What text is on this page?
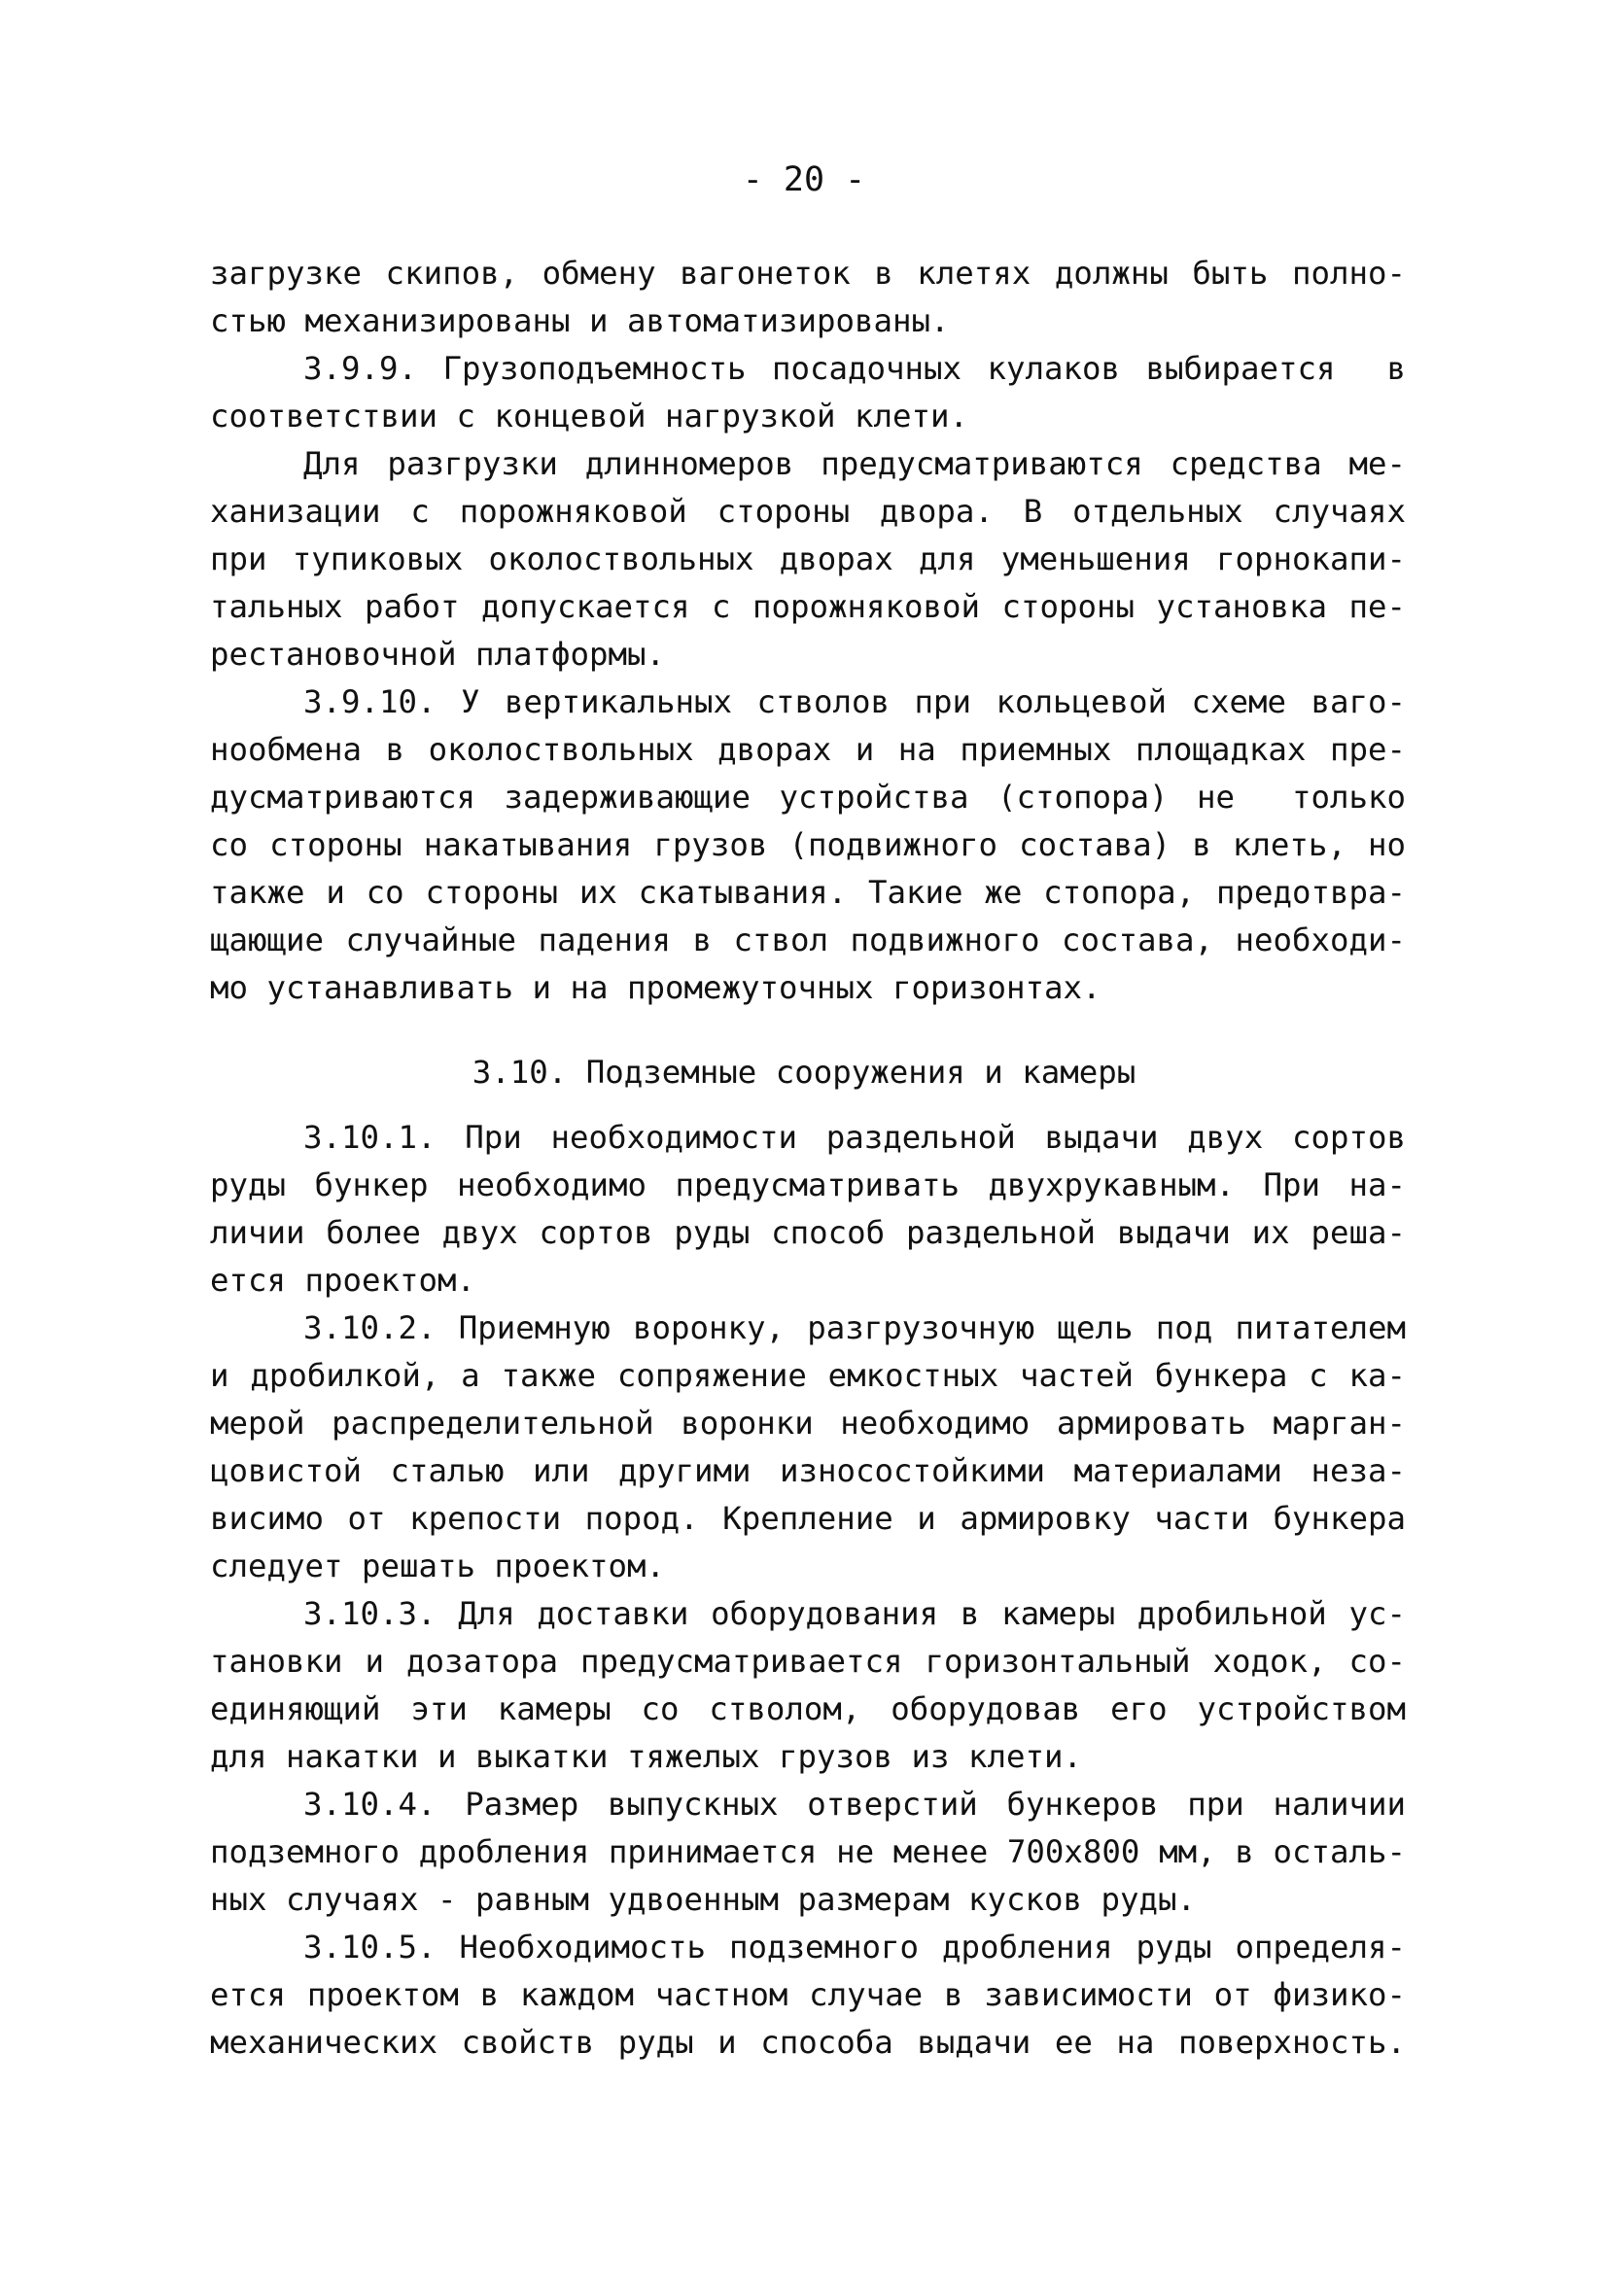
- 20 -
загрузке скипов, обмену вагонеток в клетях должны быть полно-
стью механизированы и автоматизированы.
3.9.9. Грузоподъемность посадочных кулаков выбирается  в
соответствии с концевой нагрузкой клети.
Для разгрузки длинномеров предусматриваются средства ме-
ханизации с порожняковой стороны двора. В отдельных случаях
при тупиковых околоствольных дворах для уменьшения горнокапи-
тальных работ допускается с порожняковой стороны установка пе-
рестановочной платформы.
3.9.10. У вертикальных стволов при кольцевой схеме ваго-
нообмена в околоствольных дворах и на приемных площадках пре-
дусматриваются задерживающие устройства (стопора) не  только
со стороны накатывания грузов (подвижного состава) в клеть, но
также и со стороны их скатывания. Такие же стопора, предотвра-
щающие случайные падения в ствол подвижного состава, необходи-
мо устанавливать и на промежуточных горизонтах.
3.10. Подземные сооружения и камеры
3.10.1. При необходимости раздельной выдачи двух сортов
руды бункер необходимо предусматривать двухрукавным. При на-
личии более двух сортов руды способ раздельной выдачи их реша-
ется проектом.
3.10.2. Приемную воронку, разгрузочную щель под питателем
и дробилкой, а также сопряжение емкостных частей бункера с ка-
мерой распределительной воронки необходимо армировать марган-
цовистой сталью или другими износостойкими материалами неза-
висимо от крепости пород. Крепление и армировку части бункера
следует решать проектом.
3.10.3. Для доставки оборудования в камеры дробильной ус-
тановки и дозатора предусматривается горизонтальный ходок, со-
единяющий эти камеры со стволом, оборудовав его устройством
для накатки и выкатки тяжелых грузов из клети.
3.10.4. Размер выпускных отверстий бункеров при наличии
подземного дробления принимается не менее 700х800 мм, в осталь-
ных случаях - равным удвоенным размерам кусков руды.
3.10.5. Необходимость подземного дробления руды определя-
ется проектом в каждом частном случае в зависимости от физико-
механических свойств руды и способа выдачи ее на поверхность.
